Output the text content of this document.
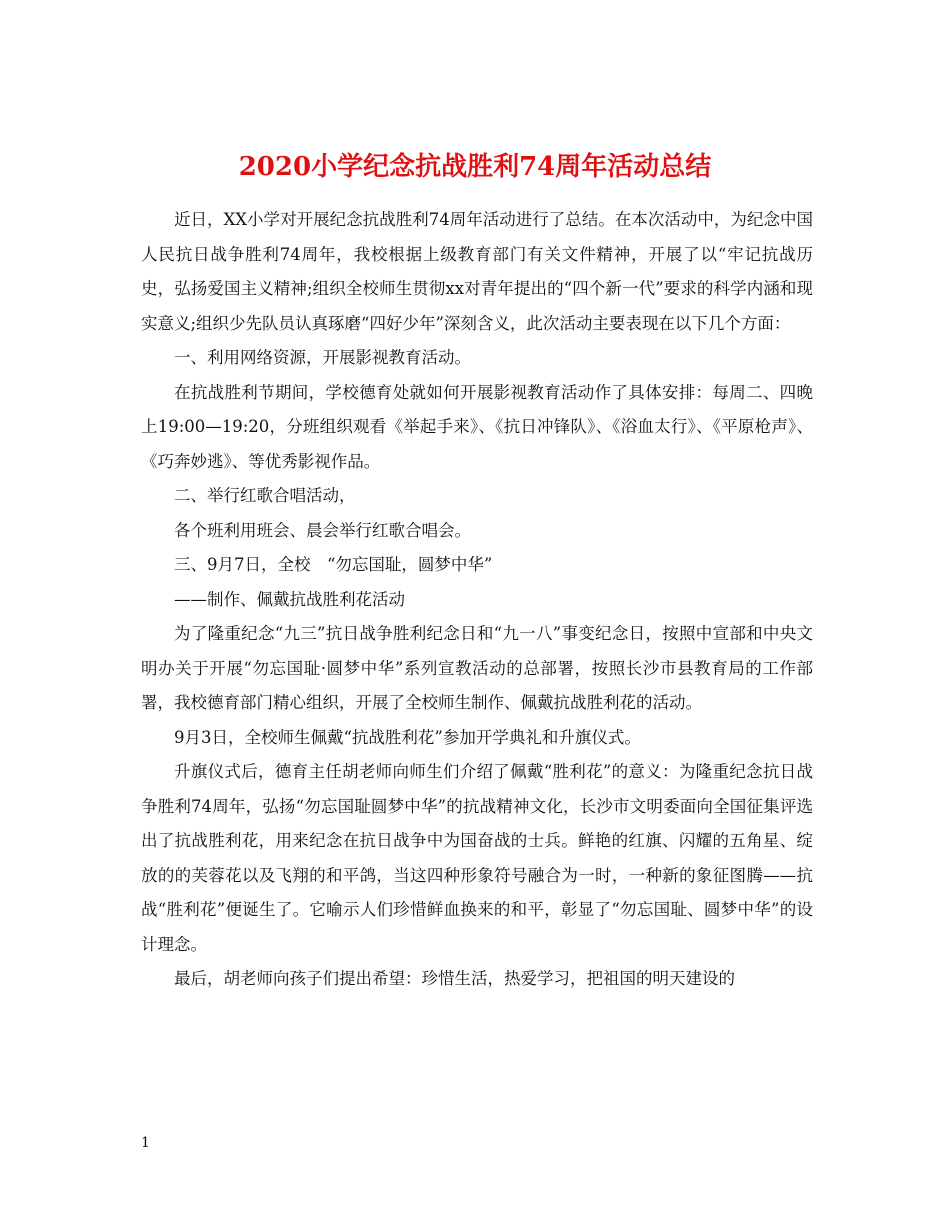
2020小学纪念抗战胜利74周年活动总结

近日，XX小学对开展纪念抗战胜利74周年活动进行了总结。在本次活动中，为纪念中国人民抗日战争胜利74周年，我校根据上级教育部门有关文件精神，开展了以“牢记抗战历史，弘扬爱国主义精神;组织全校师生贯彻xx对青年提出的“四个新一代”要求的科学内涵和现实意义;组织少先队员认真琢磨“四好少年”深刻含义，此次活动主要表现在以下几个方面：

一、利用网络资源，开展影视教育活动。

在抗战胜利节期间，学校德育处就如何开展影视教育活动作了具体安排：每周二、四晚上19:00—19:20，分班组织观看《举起手来》、《抗日冲锋队》、《浴血太行》、《平原枪声》、《巧奔妙逃》、等优秀影视作品。

二、举行红歌合唱活动，

各个班利用班会、晨会举行红歌合唱会。

三、9月7日，全校　“勿忘国耻，圆梦中华”

——制作、佩戴抗战胜利花活动

为了隆重纪念“九三”抗日战争胜利纪念日和“九一八”事变纪念日，按照中宣部和中央文明办关于开展“勿忘国耻·圆梦中华”系列宣教活动的总部署，按照长沙市县教育局的工作部署，我校德育部门精心组织，开展了全校师生制作、佩戴抗战胜利花的活动。

9月3日，全校师生佩戴“抗战胜利花”参加开学典礼和升旗仪式。

升旗仪式后，德育主任胡老师向师生们介绍了佩戴“胜利花”的意义：为隆重纪念抗日战争胜利74周年，弘扬“勿忘国耻圆梦中华”的抗战精神文化，长沙市文明委面向全国征集评选出了抗战胜利花，用来纪念在抗日战争中为国奋战的士兵。鲜艳的红旗、闪耀的五角星、绽放的的芙蓉花以及飞翔的和平鸽，当这四种形象符号融合为一时，一种新的象征图腾——抗战“胜利花”便诞生了。它喻示人们珍惜鲜血换来的和平，彰显了“勿忘国耻、圆梦中华”的设计理念。

最后，胡老师向孩子们提出希望：珍惜生活，热爱学习，把祖国的明天建设的

1
